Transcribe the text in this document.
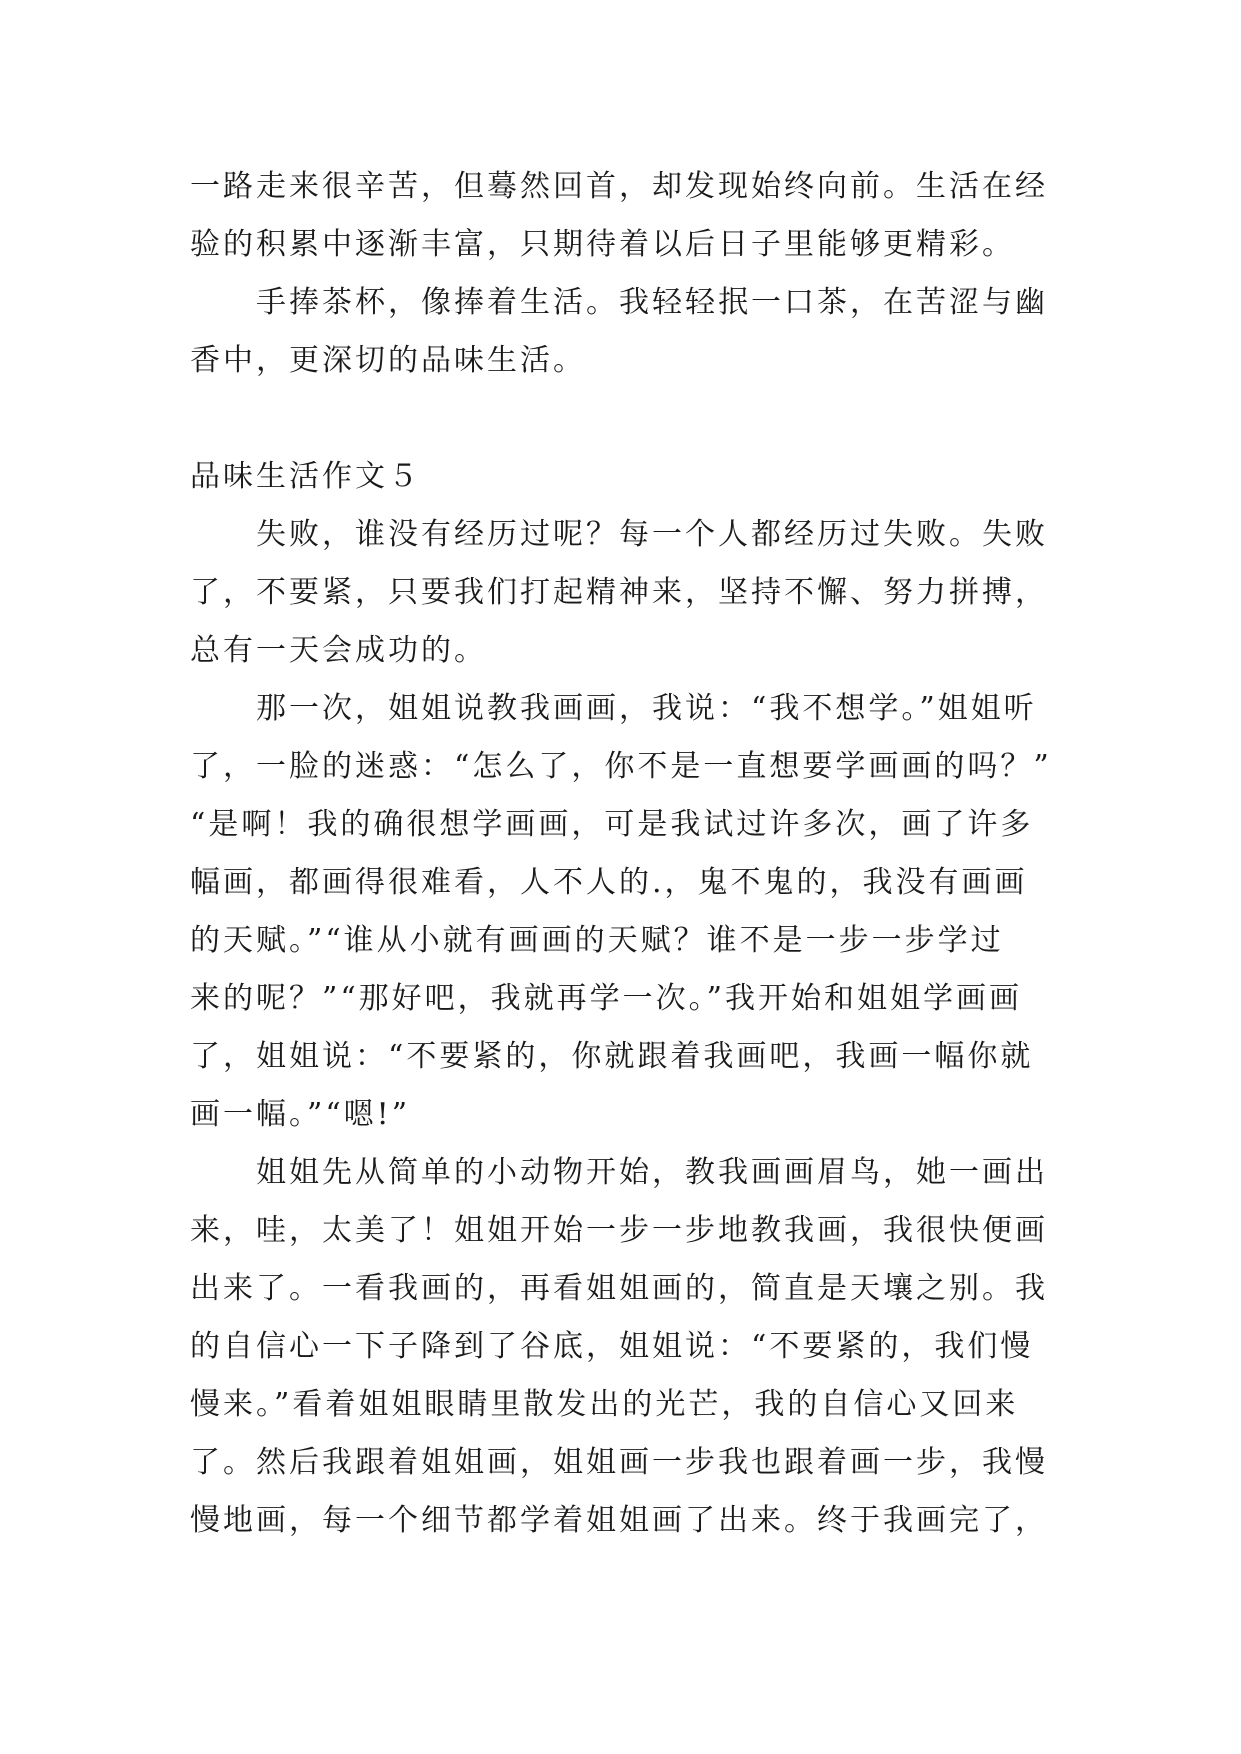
一路走来很辛苦，但蓦然回首，却发现始终向前。生活在经
验的积累中逐渐丰富，只期待着以后日子里能够更精彩。
手捧茶杯，像捧着生活。我轻轻抿一口茶，在苦涩与幽
香中，更深切的品味生活。
品味生活作文５
失败，谁没有经历过呢？每一个人都经历过失败。失败
了，不要紧，只要我们打起精神来，坚持不懈、努力拼搏，
总有一天会成功的。
那一次，姐姐说教我画画，我说：“我不想学。”姐姐听
了，一脸的迷惑：“怎么了，你不是一直想要学画画的吗？”
“是啊！我的确很想学画画，可是我试过许多次，画了许多
幅画，都画得很难看，人不人的.，鬼不鬼的，我没有画画
的天赋。”“谁从小就有画画的天赋？谁不是一步一步学过
来的呢？”“那好吧，我就再学一次。”我开始和姐姐学画画
了，姐姐说：“不要紧的，你就跟着我画吧，我画一幅你就
画一幅。”“嗯!”
姐姐先从简单的小动物开始，教我画画眉鸟，她一画出
来，哇，太美了！姐姐开始一步一步地教我画，我很快便画
出来了。一看我画的，再看姐姐画的，简直是天壤之别。我
的自信心一下子降到了谷底，姐姐说：“不要紧的，我们慢
慢来。”看着姐姐眼睛里散发出的光芒，我的自信心又回来
了。然后我跟着姐姐画，姐姐画一步我也跟着画一步，我慢
慢地画，每一个细节都学着姐姐画了出来。终于我画完了，
